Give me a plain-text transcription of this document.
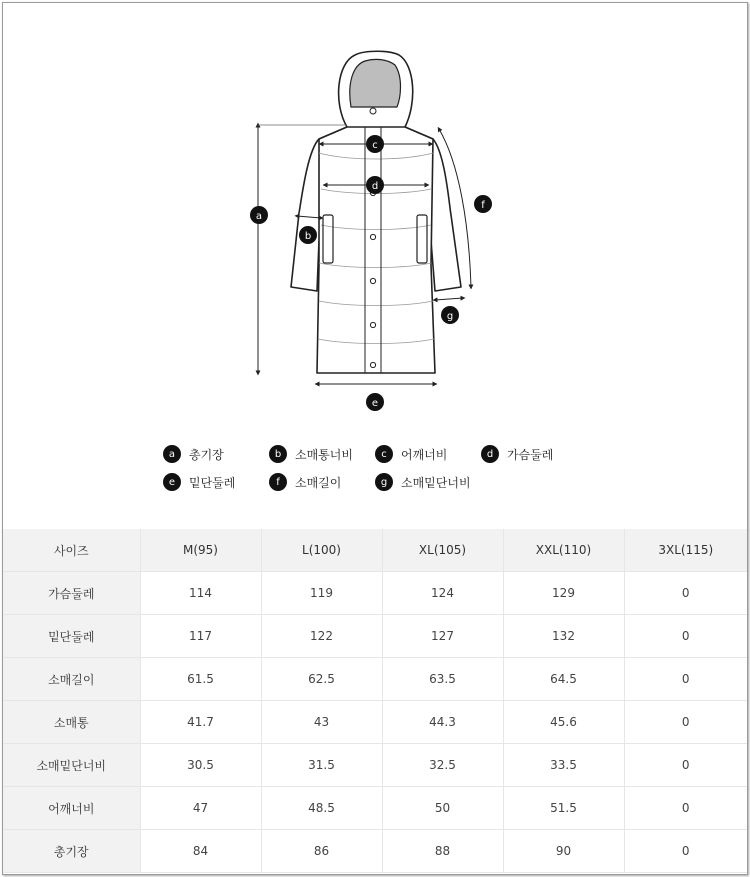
a
b
c
d
e
f
g
a	총기장	b	소매통너비	c	어깨너비	d	가슴둘레
e	밑단둘레	f	소매길이	g	소매밑단너비
사이즈	M(95)	L(100)	XL(105)	XXL(110)	3XL(115)
가슴둘레	114	119	124	129	0
밑단둘레	117	122	127	132	0
소매길이	61.5	62.5	63.5	64.5	0
소매통	41.7	43	44.3	45.6	0
소매밑단너비	30.5	31.5	32.5	33.5	0
어깨너비	47	48.5	50	51.5	0
총기장	84	86	88	90	0
